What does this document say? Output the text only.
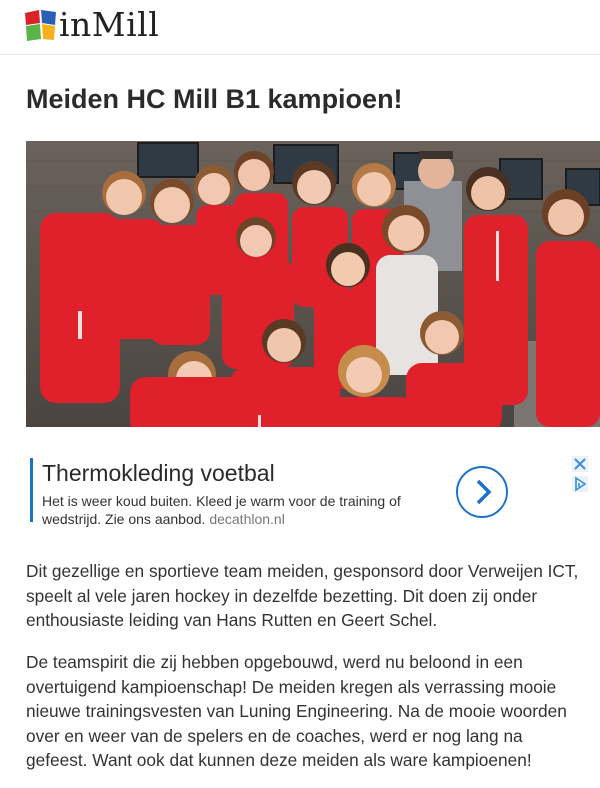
inMill
Meiden HC Mill B1 kampioen!
Thermokleding voetbal
Het is weer koud buiten. Kleed je warm voor de training of wedstrijd. Zie ons aanbod. decathlon.nl

Dit gezellige en sportieve team meiden, gesponsord door Verweijen ICT, speelt al vele jaren hockey in dezelfde bezetting. Dit doen zij onder enthousiaste leiding van Hans Rutten en Geert Schel.

De teamspirit die zij hebben opgebouwd, werd nu beloond in een overtuigend kampioenschap! De meiden kregen als verrassing mooie nieuwe trainingsvesten van Luning Engineering. Na de mooie woorden over en weer van de spelers en de coaches, werd er nog lang na gefeest. Want ook dat kunnen deze meiden als ware kampioenen!
